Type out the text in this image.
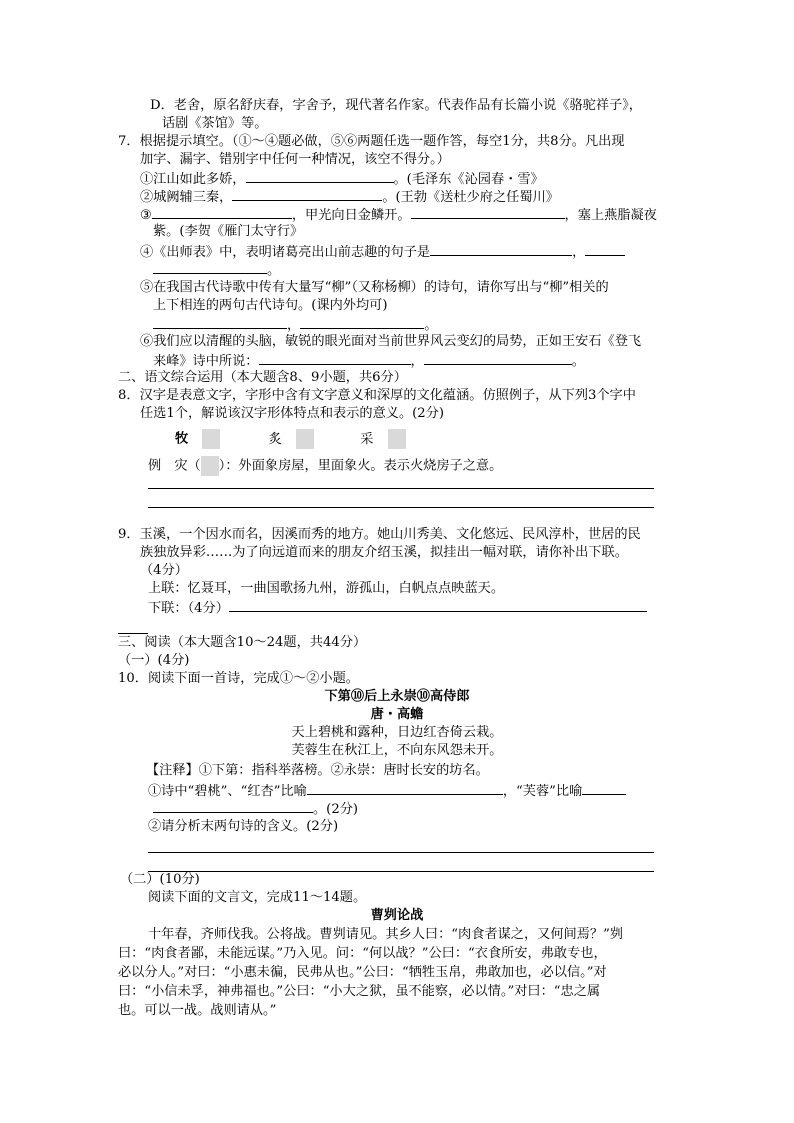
D．老舍，原名舒庆春，字舍予，现代著名作家。代表作品有长篇小说《骆驼祥子》，
话剧《茶馆》等。
7．根据提示填空。（①～④题必做，⑤⑥两题任选一题作答，每空1分，共8分。凡出现
加字、漏字、错别字中任何一种情况，该空不得分。）
①江山如此多娇，	。(毛泽东《沁园春・雪》
②城阙辅三秦，	。(王勃《送杜少府之任蜀川》
③	，甲光向日金鳞开。	，塞上燕脂凝夜
紫。(李贺《雁门太守行》
④《出师表》中，表明诸葛亮出山前志趣的句子是	，
。
⑤在我国古代诗歌中传有大量写“柳”（又称杨柳）的诗句，请你写出与“柳”相关的
上下相连的两句古代诗句。(课内外均可)
，	。
⑥我们应以清醒的头脑，敏锐的眼光面对当前世界风云变幻的局势，正如王安石《登飞
来峰》诗中所说：	，	。
二、语文综合运用（本大题含8、9小题，共6分）
8．汉字是表意文字，字形中含有文字意义和深厚的文化蕴涵。仿照例子，从下列3个字中
任选1个，解说该汉字形体特点和表示的意义。(2分)
牧	炙	采
例　灾（ ）：外面象房屋，里面象火。表示火烧房子之意。
9．玉溪，一个因水而名，因溪而秀的地方。她山川秀美、文化悠远、民风淳朴，世居的民
族独放异彩……为了向远道而来的朋友介绍玉溪，拟挂出一幅对联，请你补出下联。
（4分）
上联：忆聂耳，一曲国歌扬九州，游孤山，白帆点点映蓝天。
下联：（4分）
三、阅读（本大题含10～24题，共44分）
（一）(4分)
10．阅读下面一首诗，完成①～②小题。
下第⑩后上永崇⑩高侍郎
唐・高蟾
天上碧桃和露种，日边红杏倚云栽。
芙蓉生在秋江上，不向东风怨未开。
【注释】①下第：指科举落榜。②永崇：唐时长安的坊名。
①诗中“碧桃”、“红杏”比喻	，“芙蓉”比喻
。(2分)
②请分析末两句诗的含义。(2分)
（二）(10分)
阅读下面的文言文，完成11～14题。
曹刿论战
十年春，齐师伐我。公将战。曹刿请见。其乡人曰：“肉食者谋之，又何间焉？”刿
曰：“肉食者鄙，未能远谋。”乃入见。问：“何以战？”公曰：“衣食所安，弗敢专也，
必以分人。”对曰：“小惠未徧，民弗从也。”公曰：“牺牲玉帛，弗敢加也，必以信。”对
曰：“小信未孚，神弗福也。”公曰：“小大之狱，虽不能察，必以情。”对曰：“忠之属
也。可以一战。战则请从。”
